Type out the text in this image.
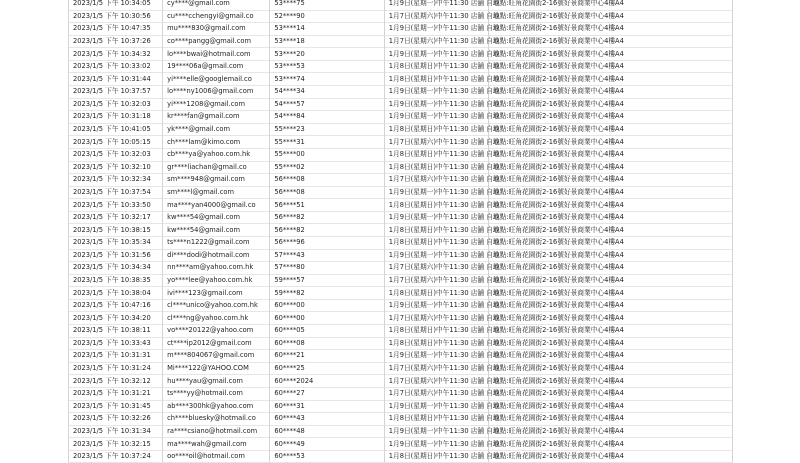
2023/1/5 下午 10:34:05	cy****@gmail.com	53****75	1月9日(星期一)中午11:30 店舖 自取	地點:旺角花園街2-16號好景商業中心4樓A4
2023/1/5 下午 10:30:56	cu****cchengyi@gmail.co	52****90	1月7日(星期六)中午11:30 店舖 自取	地點:旺角花園街2-16號好景商業中心4樓A4
2023/1/5 下午 10:47:35	mu****830@gmail.com	53****14	1月9日(星期一)中午11:30 店舖 自取	地點:旺角花園街2-16號好景商業中心4樓A4
2023/1/5 下午 10:37:26	co****pangg@gmail.com	53****18	1月7日(星期六)中午11:30 店舖 自取	地點:旺角花園街2-16號好景商業中心4樓A4
2023/1/5 下午 10:34:32	lo****bwai@hotmail.com	53****20	1月9日(星期一)中午11:30 店舖 自取	地點:旺角花園街2-16號好景商業中心4樓A4
2023/1/5 下午 10:33:02	19****06a@gmail.com	53****53	1月8日(星期日)中午11:30 店舖 自取	地點:旺角花園街2-16號好景商業中心4樓A4
2023/1/5 下午 10:31:44	yi****elle@googlemail.co	53****74	1月8日(星期日)中午11:30 店舖 自取	地點:旺角花園街2-16號好景商業中心4樓A4
2023/1/5 下午 10:37:57	lo****ny1006@gmail.com	54****34	1月9日(星期一)中午11:30 店舖 自取	地點:旺角花園街2-16號好景商業中心4樓A4
2023/1/5 下午 10:32:03	yi****1208@gmail.com	54****57	1月9日(星期一)中午11:30 店舖 自取	地點:旺角花園街2-16號好景商業中心4樓A4
2023/1/5 下午 10:31:18	kr****fan@gmail.com	54****84	1月9日(星期一)中午11:30 店舖 自取	地點:旺角花園街2-16號好景商業中心4樓A4
2023/1/5 下午 10:41:05	yk****@gmail.com	55****23	1月8日(星期日)中午11:30 店舖 自取	地點:旺角花園街2-16號好景商業中心4樓A4
2023/1/5 下午 10:05:15	ch****lam@kimo.com	55****31	1月7日(星期六)中午11:30 店舖 自取	地點:旺角花園街2-16號好景商業中心4樓A4
2023/1/5 下午 10:32:03	cb****ya@yahoo.com.hk	55****00	1月8日(星期日)中午11:30 店舖 自取	地點:旺角花園街2-16號好景商業中心4樓A4
2023/1/5 下午 10:32:10	gr****liachan@gmail.co	55****02	1月8日(星期日)中午11:30 店舖 自取	地點:旺角花園街2-16號好景商業中心4樓A4
2023/1/5 下午 10:32:34	sm****948@gmail.com	56****08	1月7日(星期六)中午11:30 店舖 自取	地點:旺角花園街2-16號好景商業中心4樓A4
2023/1/5 下午 10:37:54	sm****l@gmail.com	56****08	1月9日(星期一)中午11:30 店舖 自取	地點:旺角花園街2-16號好景商業中心4樓A4
2023/1/5 下午 10:33:50	ma****yan4000@gmail.co	56****51	1月8日(星期日)中午11:30 店舖 自取	地點:旺角花園街2-16號好景商業中心4樓A4
2023/1/5 下午 10:32:17	kw****54@gmail.com	56****82	1月9日(星期一)中午11:30 店舖 自取	地點:旺角花園街2-16號好景商業中心4樓A4
2023/1/5 下午 10:38:15	kw****54@gmail.com	56****82	1月8日(星期日)中午11:30 店舖 自取	地點:旺角花園街2-16號好景商業中心4樓A4
2023/1/5 下午 10:35:34	ts****n1222@gmail.com	56****96	1月8日(星期日)中午11:30 店舖 自取	地點:旺角花園街2-16號好景商業中心4樓A4
2023/1/5 下午 10:31:56	di****dodi@hotmail.com	57****43	1月9日(星期一)中午11:30 店舖 自取	地點:旺角花園街2-16號好景商業中心4樓A4
2023/1/5 下午 10:34:34	nn****am@yahoo.com.hk	57****80	1月7日(星期六)中午11:30 店舖 自取	地點:旺角花園街2-16號好景商業中心4樓A4
2023/1/5 下午 10:38:35	yo****lee@yahoo.com.hk	59****57	1月7日(星期六)中午11:30 店舖 自取	地點:旺角花園街2-16號好景商業中心4樓A4
2023/1/5 下午 10:38:04	ivi****123@gmail.com	59****82	1月8日(星期日)中午11:30 店舖 自取	地點:旺角花園街2-16號好景商業中心4樓A4
2023/1/5 下午 10:47:16	cl****unico@yahoo.com.hk	60****00	1月9日(星期一)中午11:30 店舖 自取	地點:旺角花園街2-16號好景商業中心4樓A4
2023/1/5 下午 10:34:20	cl****ng@yahoo.com.hk	60****00	1月7日(星期六)中午11:30 店舖 自取	地點:旺角花園街2-16號好景商業中心4樓A4
2023/1/5 下午 10:38:11	vo****20122@yahoo.com	60****05	1月8日(星期日)中午11:30 店舖 自取	地點:旺角花園街2-16號好景商業中心4樓A4
2023/1/5 下午 10:33:43	ct****ip2012@gmail.com	60****08	1月8日(星期日)中午11:30 店舖 自取	地點:旺角花園街2-16號好景商業中心4樓A4
2023/1/5 下午 10:31:31	m****804067@gmail.com	60****21	1月9日(星期一)中午11:30 店舖 自取	地點:旺角花園街2-16號好景商業中心4樓A4
2023/1/5 下午 10:31:24	Mi****122@YAHOO.COM	60****25	1月7日(星期六)中午11:30 店舖 自取	地點:旺角花園街2-16號好景商業中心4樓A4
2023/1/5 下午 10:32:12	hu****yau@gmail.com	60****2024	1月7日(星期六)中午11:30 店舖 自取	地點:旺角花園街2-16號好景商業中心4樓A4
2023/1/5 下午 10:31:21	ts****yy@hotmail.com	60****27	1月7日(星期六)中午11:30 店舖 自取	地點:旺角花園街2-16號好景商業中心4樓A4
2023/1/5 下午 10:31:45	ab****300hk@yahoo.com	60****31	1月9日(星期一)中午11:30 店舖 自取	地點:旺角花園街2-16號好景商業中心4樓A4
2023/1/5 下午 10:32:26	ch****bluesky@hotmail.co	60****43	1月8日(星期日)中午11:30 店舖 自取	地點:旺角花園街2-16號好景商業中心4樓A4
2023/1/5 下午 10:31:34	ra****csiano@hotmail.com	60****48	1月9日(星期一)中午11:30 店舖 自取	地點:旺角花園街2-16號好景商業中心4樓A4
2023/1/5 下午 10:32:15	ma****wah@gmail.com	60****49	1月9日(星期一)中午11:30 店舖 自取	地點:旺角花園街2-16號好景商業中心4樓A4
2023/1/5 下午 10:37:24	oo****oil@hotmail.com	60****53	1月8日(星期日)中午11:30 店舖 自取	地點:旺角花園街2-16號好景商業中心4樓A4
